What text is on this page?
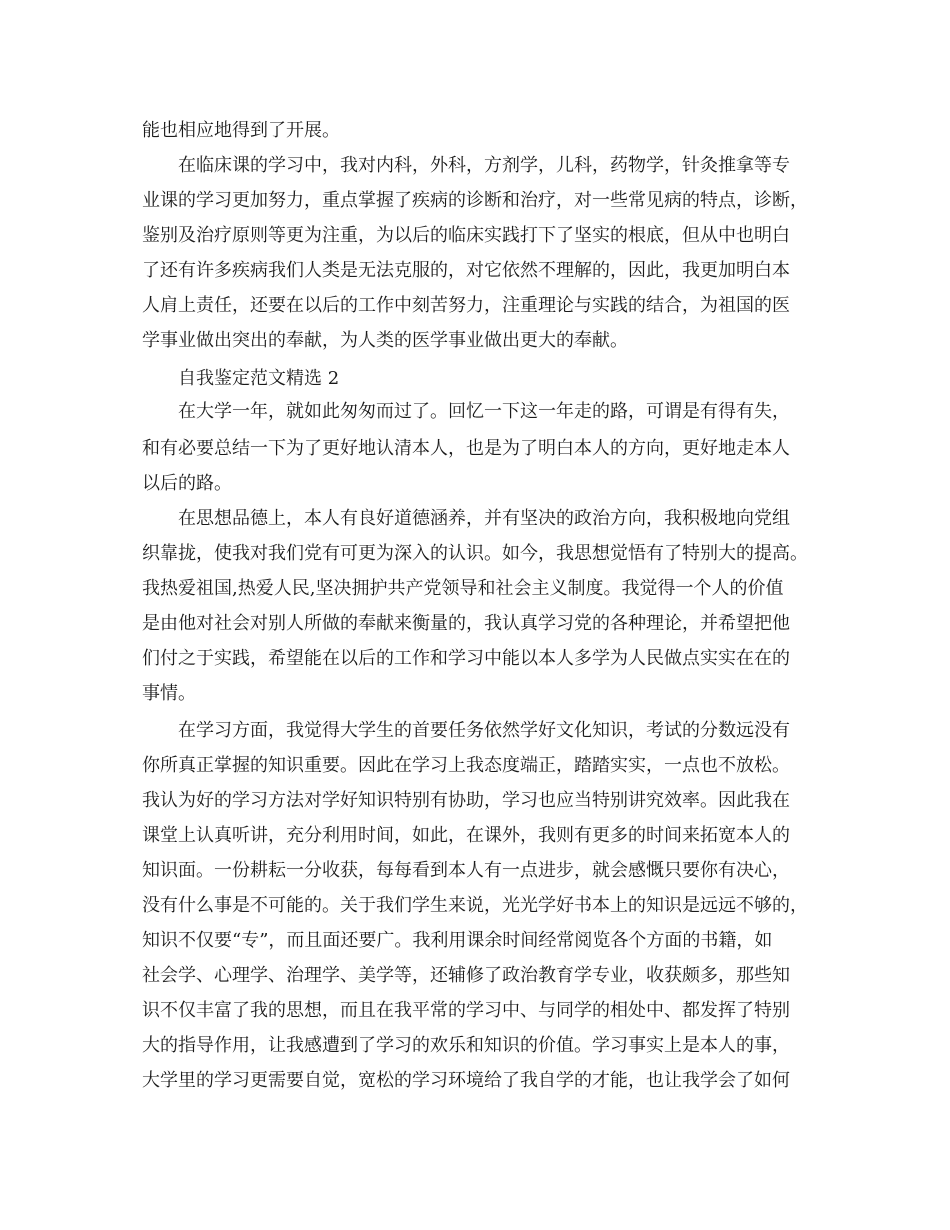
能也相应地得到了开展。
在临床课的学习中，我对内科，外科，方剂学，儿科，药物学，针灸推拿等专
业课的学习更加努力，重点掌握了疾病的诊断和治疗，对一些常见病的特点，诊断，
鉴别及治疗原则等更为注重，为以后的临床实践打下了坚实的根底，但从中也明白
了还有许多疾病我们人类是无法克服的，对它依然不理解的，因此，我更加明白本
人肩上责任，还要在以后的工作中刻苦努力，注重理论与实践的结合，为祖国的医
学事业做出突出的奉献，为人类的医学事业做出更大的奉献。
自我鉴定范文精选 2
在大学一年，就如此匆匆而过了。回忆一下这一年走的路，可谓是有得有失，
和有必要总结一下为了更好地认清本人，也是为了明白本人的方向，更好地走本人
以后的路。
在思想品德上，本人有良好道德涵养，并有坚决的政治方向，我积极地向党组
织靠拢，使我对我们党有可更为深入的认识。如今，我思想觉悟有了特别大的提高。
我热爱祖国,热爱人民,坚决拥护共产党领导和社会主义制度。我觉得一个人的价值
是由他对社会对别人所做的奉献来衡量的，我认真学习党的各种理论，并希望把他
们付之于实践，希望能在以后的工作和学习中能以本人多学为人民做点实实在在的
事情。
在学习方面，我觉得大学生的首要任务依然学好文化知识，考试的分数远没有
你所真正掌握的知识重要。因此在学习上我态度端正，踏踏实实，一点也不放松。
我认为好的学习方法对学好知识特别有协助，学习也应当特别讲究效率。因此我在
课堂上认真听讲，充分利用时间，如此，在课外，我则有更多的时间来拓宽本人的
知识面。一份耕耘一分收获，每每看到本人有一点进步，就会感慨只要你有决心，
没有什么事是不可能的。关于我们学生来说，光光学好书本上的知识是远远不够的，
知识不仅要“专”，而且面还要广。我利用课余时间经常阅览各个方面的书籍，如
社会学、心理学、治理学、美学等，还辅修了政治教育学专业，收获颇多，那些知
识不仅丰富了我的思想，而且在我平常的学习中、与同学的相处中、都发挥了特别
大的指导作用，让我感遭到了学习的欢乐和知识的价值。学习事实上是本人的事，
大学里的学习更需要自觉，宽松的学习环境给了我自学的才能，也让我学会了如何
